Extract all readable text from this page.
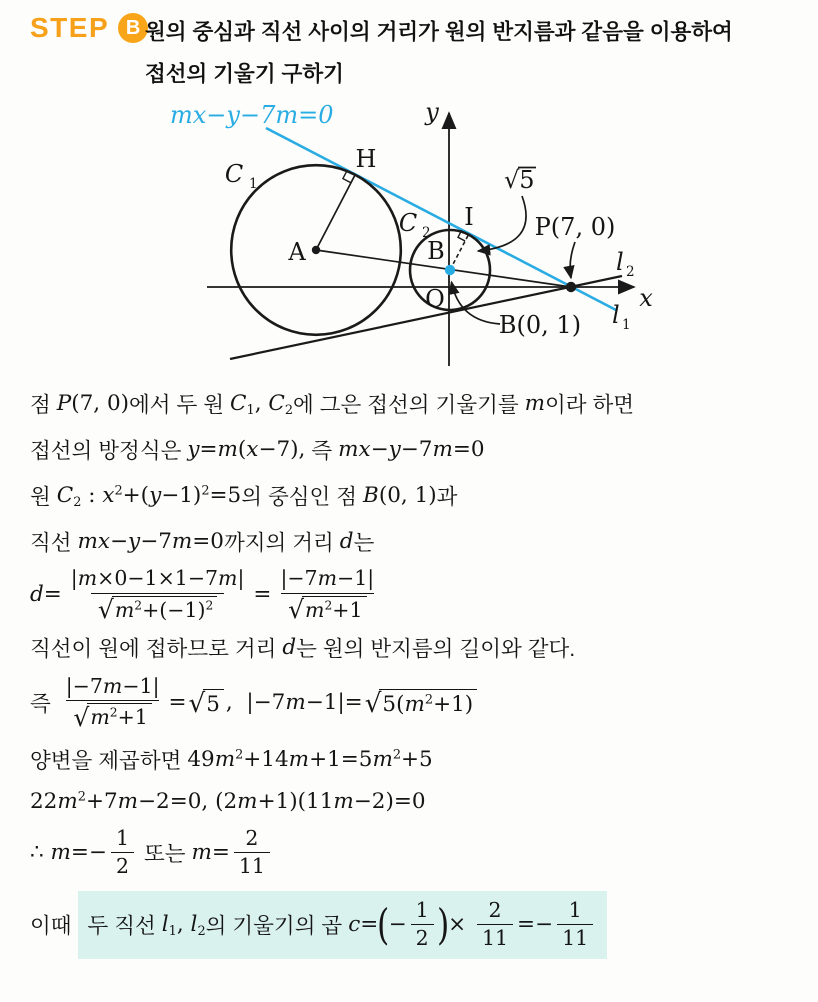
STEP B 원의 중심과 직선 사이의 거리가 원의 반지름과 같음을 이용하여
접선의 기울기 구하기
mx−y−7m=0	y
x
O
C 1
C 2
A	B
H
I
√5
P(7, 0)
B(0, 1)
l 2
l 1
점 P(7, 0) 에서 두 원 $C_1$, $C_2$ 에 그은 접선의 기울기를 m 이라 하면
접선의 방정식은 y=m(x−7), 즉 mx−y−7m=0
원 $C_2$ : $x^2+(y-1)^2=5$ 의 중심인 점 B(0, 1) 과
직선 mx−y−7m=0 까지의 거리 d 는
$d= \frac{|m\times 0-1\times 1-7m|}{√ m^2+(-1)^2} = \frac{|-7m-1|}{√ m^2+1}$
직선이 원에 접하므로 거리 d 는 원의 반지름의 길이와 같다.
즉 $\frac{|-7m-1|}{√ m^2+1}$ = √ 5 ,  |−7m−1|= √ $5(m^2+1)$
양변을 제곱하면 $49m^2+14m+1=5m^2+5$
$22m^2+7m-2=0$, (2m+1)(11m−2)=0
∴ $m=- \frac{1}{2}$ 또는 $m= \frac{2}{11}$
이때 두 직선 $l_1$, $l_2$ 의 기울기의 곱 c= ( − $\frac{1}{2}$ ) × $\frac{2}{11} =- \frac{1}{11}$
